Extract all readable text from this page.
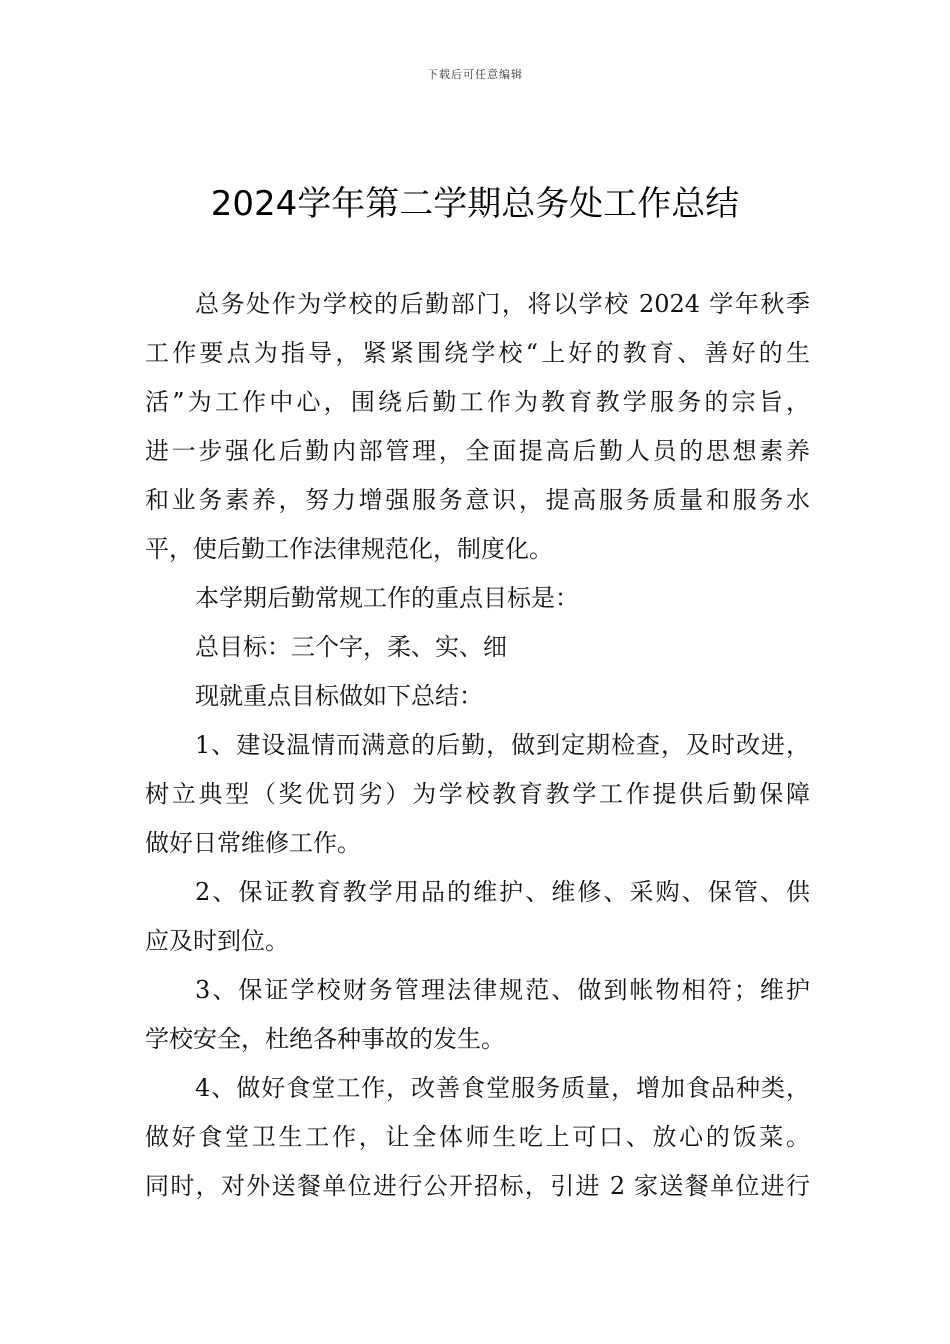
下载后可任意编辑
2024学年第二学期总务处工作总结
总务处作为学校的后勤部门，将以学校 2024 学年秋季
工作要点为指导，紧紧围绕学校“上好的教育、善好的生
活”为工作中心，围绕后勤工作为教育教学服务的宗旨，
进一步强化后勤内部管理，全面提高后勤人员的思想素养
和业务素养，努力增强服务意识，提高服务质量和服务水
平，使后勤工作法律规范化，制度化。
本学期后勤常规工作的重点目标是：
总目标：三个字，柔、实、细
现就重点目标做如下总结：
1、建设温情而满意的后勤，做到定期检查，及时改进，
树立典型（奖优罚劣）为学校教育教学工作提供后勤保障
做好日常维修工作。
2、保证教育教学用品的维护、维修、采购、保管、供
应及时到位。
3、保证学校财务管理法律规范、做到帐物相符；维护
学校安全，杜绝各种事故的发生。
4、做好食堂工作，改善食堂服务质量，增加食品种类，
做好食堂卫生工作，让全体师生吃上可口、放心的饭菜。
同时，对外送餐单位进行公开招标，引进 2 家送餐单位进行
